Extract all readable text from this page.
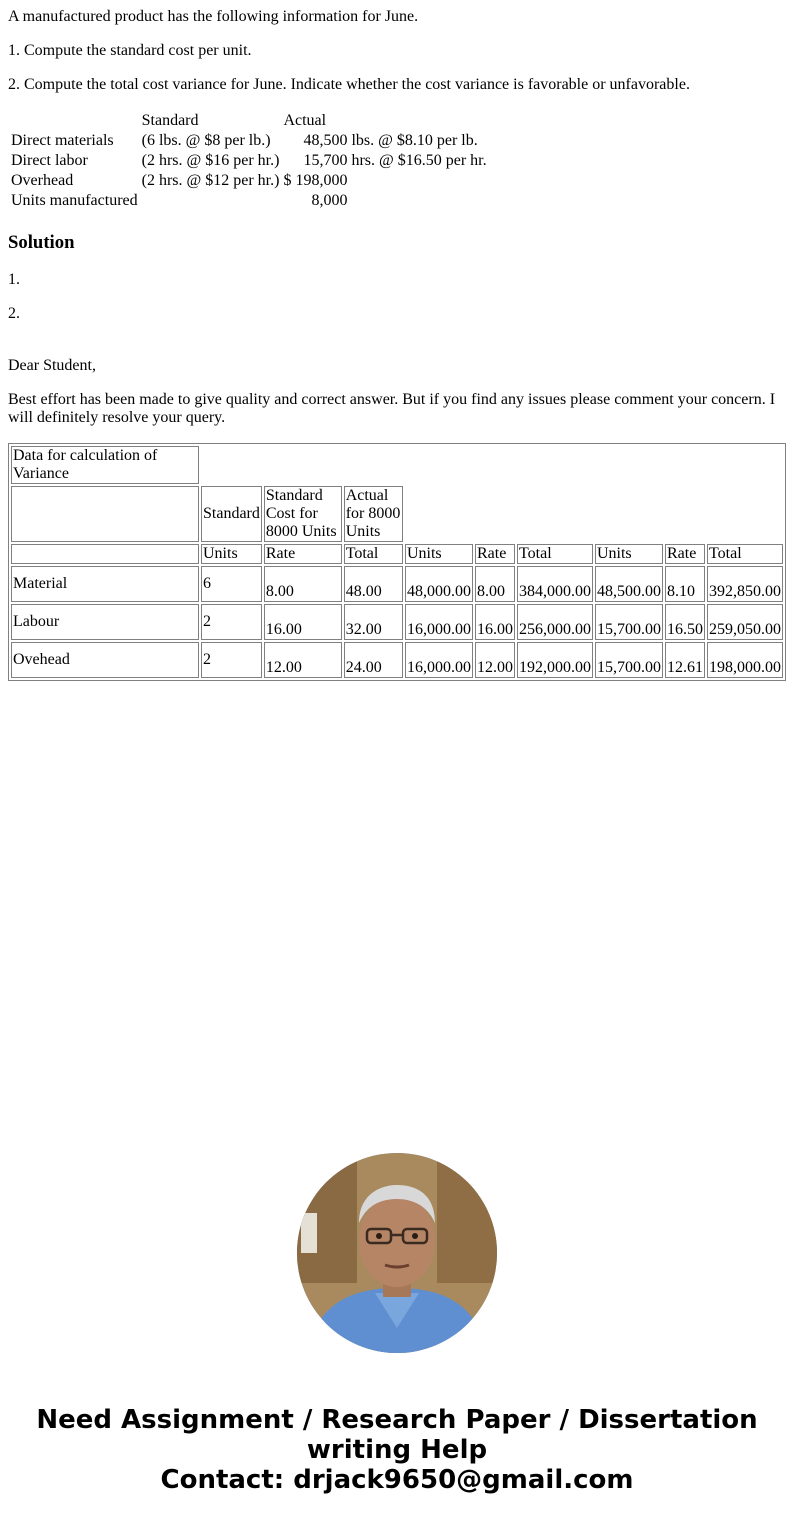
A manufactured product has the following information for June.

1. Compute the standard cost per unit.

2. Compute the total cost variance for June. Indicate whether the cost variance is favorable or unfavorable.

	Standard	Actual		
Direct materials	(6 lbs. @ $8 per lb.)		48,500	lbs. @ $8.10 per lb.
Direct labor	(2 hrs. @ $16 per hr.)		15,700	hrs. @ $16.50 per hr.
Overhead	(2 hrs. @ $12 per hr.)	$	198,000	
Units manufactured			8,000	
Solution

1.

2.

Dear Student,

Best effort has been made to give quality and correct answer. But if you find any issues please comment your concern. I will definitely resolve your query.

Data for calculation of Variance									
	Standard	Standard Cost for 8000 Units	Actual for 8000 Units						
	Units	Rate	Total	Units	Rate	Total	Units	Rate	Total
Material	6	8.00	48.00	48,000.00	8.00	384,000.00	48,500.00	8.10	392,850.00
Labour	2	16.00	32.00	16,000.00	16.00	256,000.00	15,700.00	16.50	259,050.00
Ovehead	2	12.00	24.00	16,000.00	12.00	192,000.00	15,700.00	12.61	198,000.00
Need Assignment / Research Paper / Dissertation writing Help
Contact: drjack9650@gmail.com
